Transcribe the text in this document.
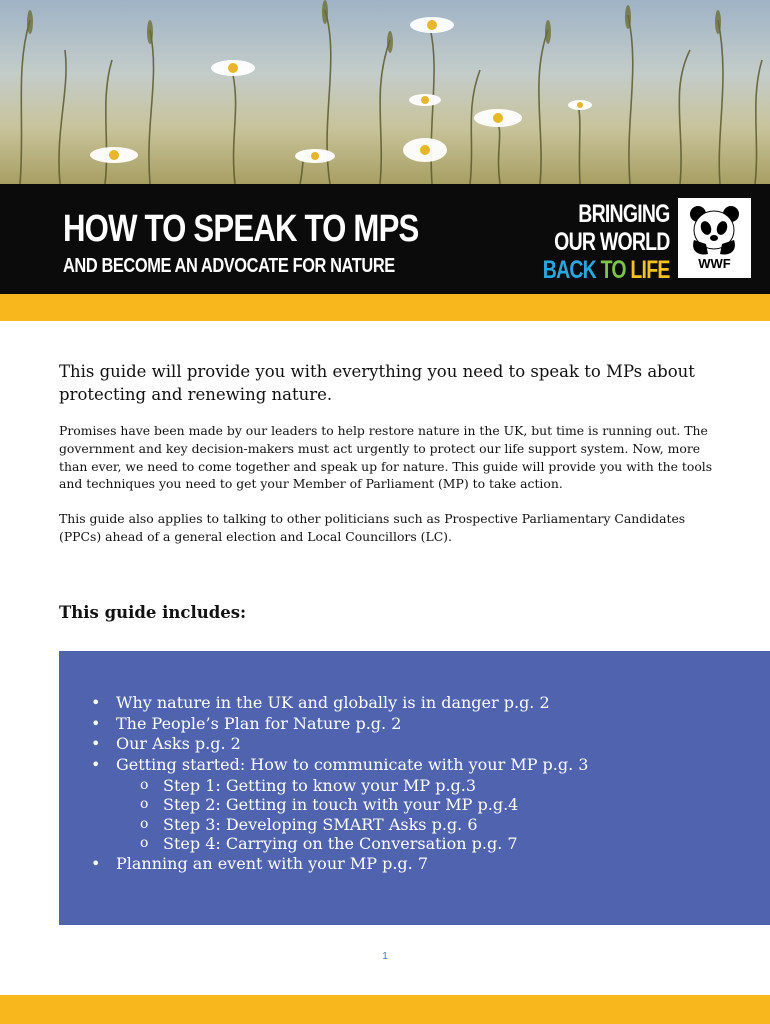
HOW TO SPEAK TO MPS
AND BECOME AN ADVOCATE FOR NATURE
BRINGING
OUR WORLD
BACK TO LIFE	WWF
This guide will provide you with everything you need to speak to MPs about protecting and renewing nature.
Promises have been made by our leaders to help restore nature in the UK, but time is running out. The government and key decision-makers must act urgently to protect our life support system. Now, more than ever, we need to come together and speak up for nature. This guide will provide you with the tools and techniques you need to get your Member of Parliament (MP) to take action.
This guide also applies to talking to other politicians such as Prospective Parliamentary Candidates (PPCs) ahead of a general election and Local Councillors (LC).
This guide includes:
• Why nature in the UK and globally is in danger p.g. 2
• The People’s Plan for Nature p.g. 2
• Our Asks p.g. 2
• Getting started: How to communicate with your MP p.g. 3
o Step 1: Getting to know your MP p.g.3
o Step 2: Getting in touch with your MP p.g.4
o Step 3: Developing SMART Asks p.g. 6
o Step 4: Carrying on the Conversation p.g. 7
• Planning an event with your MP p.g. 7
1
